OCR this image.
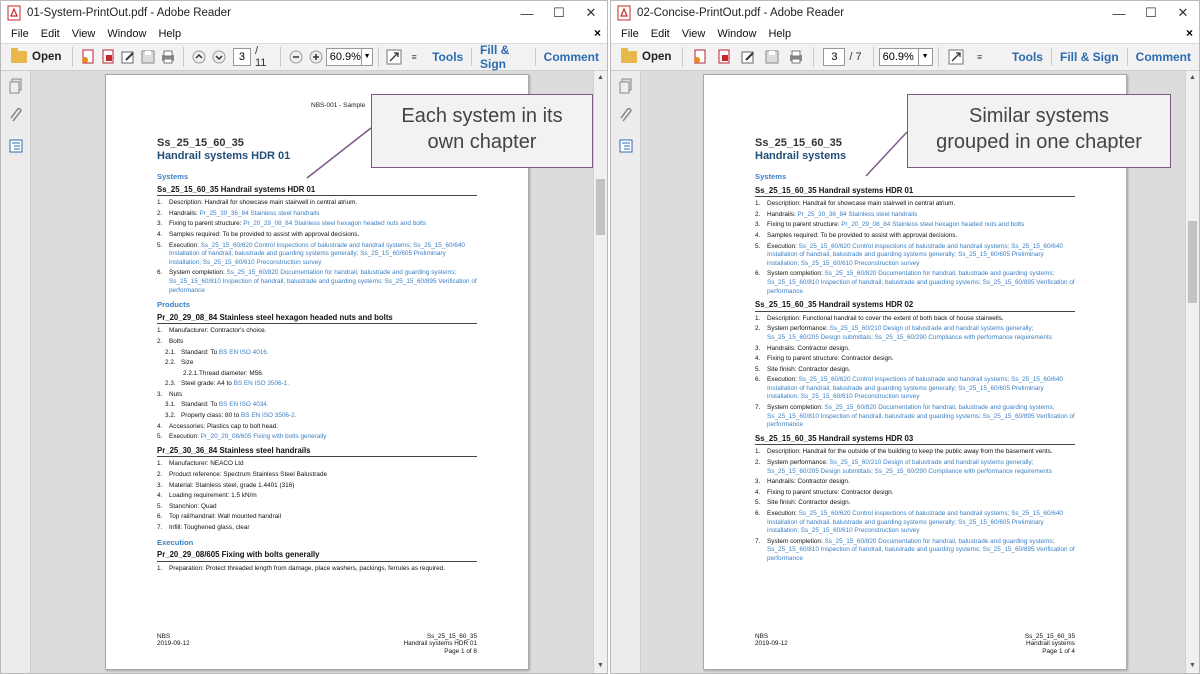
01-System-PrintOut.pdf - Adobe Reader	—	☐	✕
File	Edit	View	Window	Help	×
Open	3 / 11	60.9% ▼	≡	Tools	Fill & Sign	Comment
NBS-001 - Sample
Ss_25_15_60_35
Handrail systems HDR 01
Systems
Ss_25_15_60_35 Handrail systems HDR 01
1.	Description: Handrail for showcase main stairwell in central atrium.
2.	Handrails: Pr_25_30_36_84 Stainless steel handrails
3.	Fixing to parent structure: Pr_20_29_08_84 Stainless steel hexagon headed nuts and bolts
4.	Samples required: To be provided to assist with approval decisions.
5.	Execution: Ss_25_15_60/620 Control inspections of balustrade and handrail systems; Ss_25_15_60/640 Installation of handrail, balustrade and guarding systems generally; Ss_25_15_60/605 Preliminary installation; Ss_25_15_60/610 Preconstruction survey
6.	System completion: Ss_25_15_60/820 Documentation for handrail, balustrade and guarding systems; Ss_25_15_60/810 Inspection of handrail, balustrade and guarding systems; Ss_25_15_60/895 Verification of performance
Products
Pr_20_29_08_84 Stainless steel hexagon headed nuts and bolts
1.	Manufacturer: Contractor's choice.
2.	Bolts
2.1. Standard: To BS EN ISO 4016.
2.2. Size
2.2.1.Thread diameter: M56.
2.3. Steel grade: A4 to BS EN ISO 3506-1.
3.	Nuts
3.1. Standard: To BS EN ISO 4034.
3.2. Property class: 80 to BS EN ISO 3506-2.
4.	Accessories: Plastics cap to bolt head.
5.	Execution: Pr_20_29_08/605 Fixing with bolts generally
Pr_25_30_36_84 Stainless steel handrails
1.	Manufacturer: NEACO Ltd
2.	Product reference: Spectrum Stainless Steel Balustrade
3.	Material: Stainless steel, grade 1.4401 (316)
4.	Loading requirement: 1.5 kN/m
5.	Stanchion: Quad
6.	Top rail/handrail: Wall mounted handrail
7.	Infill: Toughened glass, clear
Execution
Pr_20_29_08/605 Fixing with bolts generally
1.	Preparation: Protect threaded length from damage, place washers, packings, ferrules as required.
NBS
2019-09-12
Ss_25_15_60_35
Handrail systems HDR 01
Page 1 of 8
▲
▼
02-Concise-PrintOut.pdf - Adobe Reader	—	☐	✕
File	Edit	View	Window	Help	×
Open	3	/ 7	60.9%	▼	≡	Tools	Fill & Sign	Comment
Ss_25_15_60_35
Handrail systems
Systems
Ss_25_15_60_35 Handrail systems HDR 01
1.	Description: Handrail for showcase main stairwell in central atrium.
2.	Handrails: Pr_25_30_36_84 Stainless steel handrails
3.	Fixing to parent structure: Pr_20_29_08_84 Stainless steel hexagon headed nuts and bolts
4.	Samples required: To be provided to assist with approval decisions.
5.	Execution: Ss_25_15_60/620 Control inspections of balustrade and handrail systems; Ss_25_15_60/640 Installation of handrail, balustrade and guarding systems generally; Ss_25_15_60/605 Preliminary installation; Ss_25_15_60/610 Preconstruction survey
6.	System completion: Ss_25_15_60/820 Documentation for handrail, balustrade and guarding systems; Ss_25_15_60/810 Inspection of handrail, balustrade and guarding systems; Ss_25_15_60/895 Verification of performance
Ss_25_15_60_35 Handrail systems HDR 02
1.	Description: Functional handrail to cover the extent of both back of house stairwells.
2.	System performance: Ss_25_15_60/210 Design of balustrade and handrail systems generally; Ss_25_15_60/205 Design submittals; Ss_25_15_60/290 Compliance with performance requirements
3.	Handrails: Contractor design.
4.	Fixing to parent structure: Contractor design.
5.	Site finish: Contractor design.
6.	Execution: Ss_25_15_60/620 Control inspections of balustrade and handrail systems; Ss_25_15_60/640 Installation of handrail, balustrade and guarding systems generally; Ss_25_15_60/605 Preliminary installation; Ss_25_15_60/610 Preconstruction survey
7.	System completion: Ss_25_15_60/820 Documentation for handrail, balustrade and guarding systems; Ss_25_15_60/810 Inspection of handrail, balustrade and guarding systems; Ss_25_15_60/895 Verification of performance
Ss_25_15_60_35 Handrail systems HDR 03
1.	Description: Handrail for the outside of the building to keep the public away from the basement vents.
2.	System performance: Ss_25_15_60/210 Design of balustrade and handrail systems generally; Ss_25_15_60/205 Design submittals; Ss_25_15_60/290 Compliance with performance requirements
3.	Handrails: Contractor design.
4.	Fixing to parent structure: Contractor design.
5.	Site finish: Contractor design.
6.	Execution: Ss_25_15_60/620 Control inspections of balustrade and handrail systems; Ss_25_15_60/640 Installation of handrail, balustrade and guarding systems generally; Ss_25_15_60/605 Preliminary installation; Ss_25_15_60/610 Preconstruction survey
7.	System completion: Ss_25_15_60/820 Documentation for handrail, balustrade and guarding systems; Ss_25_15_60/810 Inspection of handrail, balustrade and guarding systems; Ss_25_15_60/895 Verification of performance
NBS
2019-09-12
Ss_25_15_60_35
Handrail systems
Page 1 of 4
▲
▼
Each system in its
own chapter
Similar systems
grouped in one chapter
